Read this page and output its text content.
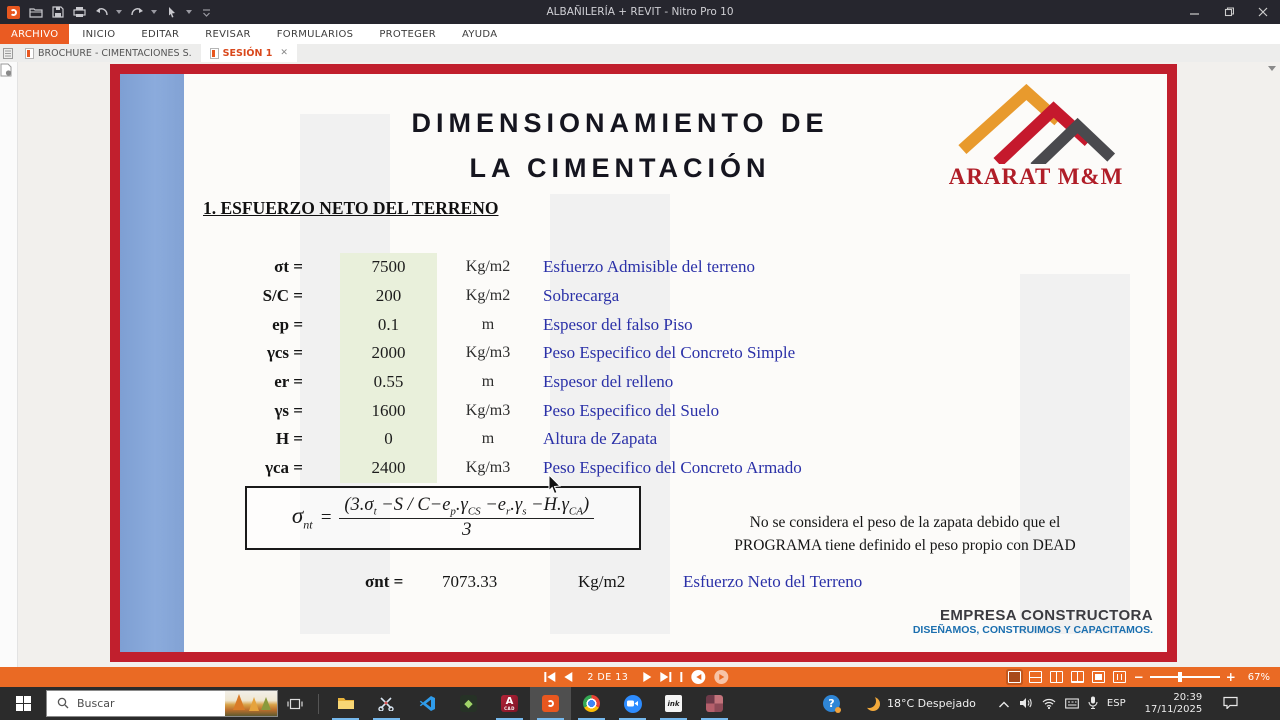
ALBAÑILERÍA + REVIT - Nitro Pro 10
ARCHIVO	INICIO	EDITAR	REVISAR	FORMULARIOS	PROTEGER	AYUDA
BROCHURE - CIMENTACIONES S.	SESIÓN 1 ✕
DIMENSIONAMIENTO DE
LA CIMENTACIÓN	ARARAT M&M
1. ESFUERZO NETO DEL TERRENO
σt =	7500	Kg/m2	Esfuerzo Admisible del terreno
S/C =	200	Kg/m2	Sobrecarga
ep =	0.1	m	Espesor del falso Piso
γcs =	2000	Kg/m3	Peso Especifico del Concreto Simple
er =	0.55	m	Espesor del relleno
γs =	1600	Kg/m3	Peso Especifico del Suelo
H =	0	m	Altura de Zapata
γca =	2400	Kg/m3	Peso Especifico del Concreto Armado
$\sigma_{nt} = \frac{(3.\sigma_t -S / C-e_p.\gamma_{CS} -e_r.\gamma_s -H.\gamma_{CA})}{3}$	No se considera el peso de la zapata debido que el
PROGRAMA tiene definido el peso propio con DEAD
σnt = 7073.33	Kg/m2	Esfuerzo Neto del Terreno
EMPRESA CONSTRUCTORA
DISEÑAMOS, CONSTRUIMOS Y CAPACITAMOS.
2 DE 13	−	+ 67%
Buscar	◆	A
CAD
ink	?	18°C Despejado	ESP
20:39
17/11/2025
